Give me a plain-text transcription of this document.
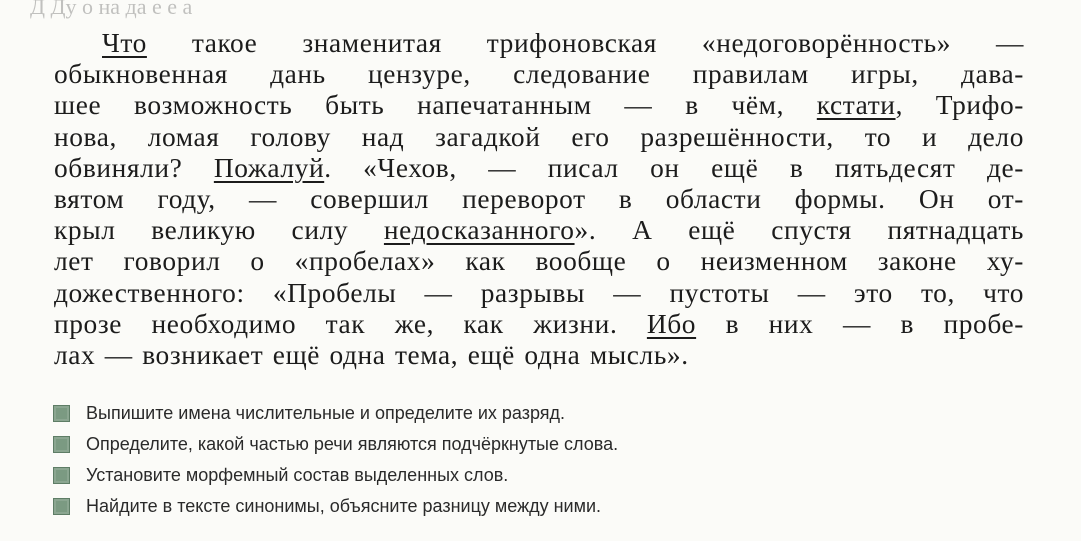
Д Ду о на да е е а
Что такое знаменитая трифоновская «недоговорённость» —
обыкновенная дань цензуре, следование правилам игры, дава-
шее возможность быть напечатанным — в чём, кстати, Трифо-
нова, ломая голову над загадкой его разрешённости, то и дело
обвиняли? Пожалуй. «Чехов, — писал он ещё в пятьдесят де-
вятом году, — совершил переворот в области формы. Он от-
крыл великую силу недосказанного». А ещё спустя пятнадцать
лет говорил о «пробелах» как вообще о неизменном законе ху-
дожественного: «Пробелы — разрывы — пустоты — это то, что
прозе необходимо так же, как жизни. Ибо в них — в пробе-
лах — возникает ещё одна тема, ещё одна мысль».
Выпишите имена числительные и определите их разряд.
Определите, какой частью речи являются подчёркнутые слова.
Установите морфемный состав выделенных слов.
Найдите в тексте синонимы, объясните разницу между ними.
